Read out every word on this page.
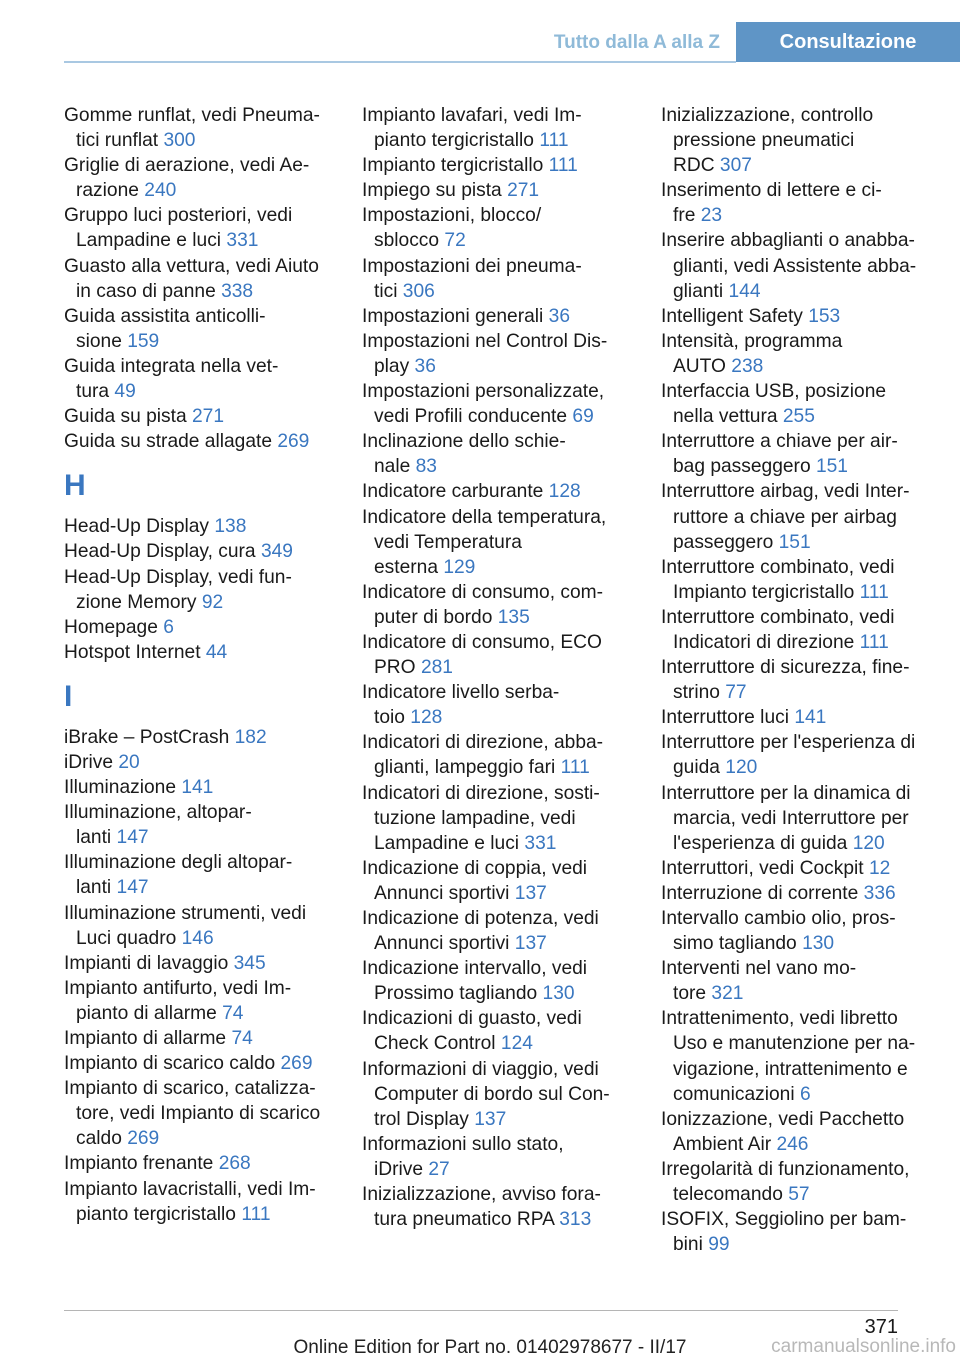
Tutto dalla A alla Z	Consultazione

Gomme runflat, vedi Pneuma‐

tici runflat 300

Griglie di aerazione, vedi Ae‐

razione 240

Gruppo luci posteriori, vedi

Lampadine e luci 331

Guasto alla vettura, vedi Aiuto

in caso di panne 338

Guida assistita anticolli‐

sione 159

Guida integrata nella vet‐

tura 49

Guida su pista 271

Guida su strade allagate 269

H

Head-Up Display 138

Head-Up Display, cura 349

Head-Up Display, vedi fun‐

zione Memory 92

Homepage 6

Hotspot Internet 44

I

iBrake – PostCrash 182

iDrive 20

Illuminazione 141

Illuminazione, altopar‐

lanti 147

Illuminazione degli altopar‐

lanti 147

Illuminazione strumenti, vedi

Luci quadro 146

Impianti di lavaggio 345

Impianto antifurto, vedi Im‐

pianto di allarme 74

Impianto di allarme 74

Impianto di scarico caldo 269

Impianto di scarico, catalizza‐

tore, vedi Impianto di scarico

caldo 269

Impianto frenante 268

Impianto lavacristalli, vedi Im‐

pianto tergicristallo 111

Impianto lavafari, vedi Im‐

pianto tergicristallo 111

Impianto tergicristallo 111

Impiego su pista 271

Impostazioni, blocco/

sblocco 72

Impostazioni dei pneuma‐

tici 306

Impostazioni generali 36

Impostazioni nel Control Dis‐

play 36

Impostazioni personalizzate,

vedi Profili conducente 69

Inclinazione dello schie‐

nale 83

Indicatore carburante 128

Indicatore della temperatura,

vedi Temperatura

esterna 129

Indicatore di consumo, com‐

puter di bordo 135

Indicatore di consumo, ECO

PRO 281

Indicatore livello serba‐

toio 128

Indicatori di direzione, abba‐

glianti, lampeggio fari 111

Indicatori di direzione, sosti‐

tuzione lampadine, vedi

Lampadine e luci 331

Indicazione di coppia, vedi

Annunci sportivi 137

Indicazione di potenza, vedi

Annunci sportivi 137

Indicazione intervallo, vedi

Prossimo tagliando 130

Indicazioni di guasto, vedi

Check Control 124

Informazioni di viaggio, vedi

Computer di bordo sul Con‐

trol Display 137

Informazioni sullo stato,

iDrive 27

Inizializzazione, avviso fora‐

tura pneumatico RPA 313

Inizializzazione, controllo

pressione pneumatici

RDC 307

Inserimento di lettere e ci‐

fre 23

Inserire abbaglianti o anabba‐

glianti, vedi Assistente abba‐

glianti 144

Intelligent Safety 153

Intensità, programma

AUTO 238

Interfaccia USB, posizione

nella vettura 255

Interruttore a chiave per air‐

bag passeggero 151

Interruttore airbag, vedi Inter‐

ruttore a chiave per airbag

passeggero 151

Interruttore combinato, vedi

Impianto tergicristallo 111

Interruttore combinato, vedi

Indicatori di direzione 111

Interruttore di sicurezza, fine‐

strino 77

Interruttore luci 141

Interruttore per l'esperienza di

guida 120

Interruttore per la dinamica di

marcia, vedi Interruttore per

l'esperienza di guida 120

Interruttori, vedi Cockpit 12

Interruzione di corrente 336

Intervallo cambio olio, pros‐

simo tagliando 130

Interventi nel vano mo‐

tore 321

Intrattenimento, vedi libretto

Uso e manutenzione per na‐

vigazione, intrattenimento e

comunicazioni 6

Ionizzazione, vedi Pacchetto

Ambient Air 246

Irregolarità di funzionamento,

telecomando 57

ISOFIX, Seggiolino per bam‐

bini 99

371
Online Edition for Part no. 01402978677 - II/17	carmanualsonline.info
